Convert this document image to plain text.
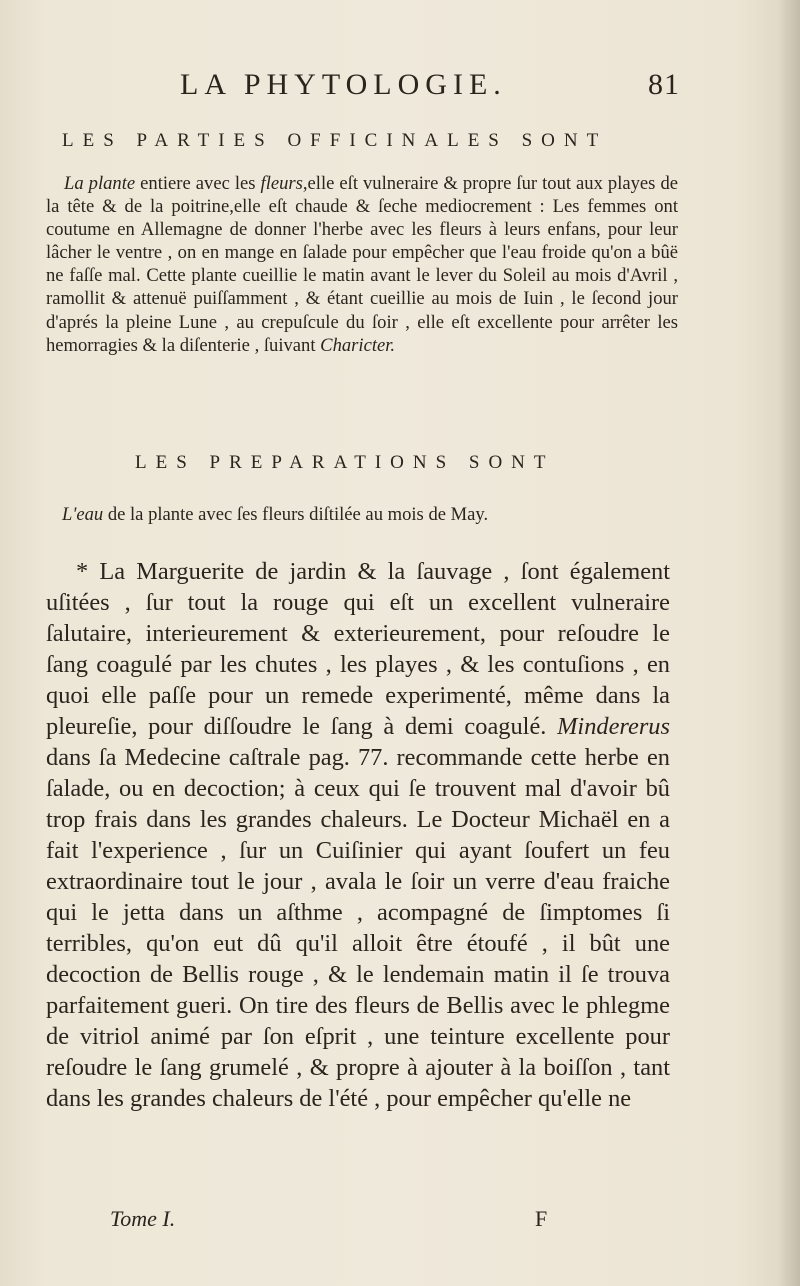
LA PHYTOLOGIE.	81
LES PARTIES OFFICINALES SONT
La plante entiere avec les fleurs,elle eſt vulneraire & propre ſur tout aux playes de la tête & de la poitrine,elle eſt chaude & ſeche mediocrement : Les femmes ont coutume en Allemagne de donner l'herbe avec les fleurs à leurs enfans, pour leur lâcher le ventre , on en mange en ſalade pour empêcher que l'eau froide qu'on a bûë ne faſſe mal. Cette plante cueillie le matin avant le lever du Soleil au mois d'Avril , ramollit & attenuë puiſſamment , & étant cueillie au mois de Iuin , le ſecond jour d'aprés la pleine Lune , au crepuſcule du ſoir , elle eſt excellente pour arrêter les hemorragies & la diſenterie , ſuivant Charicter.
LES PREPARATIONS SONT
L'eau de la plante avec ſes fleurs diſtilée au mois de May.

* La Marguerite de jardin & la ſauvage , ſont également uſitées , ſur tout la rouge qui eſt un excellent vulneraire ſalutaire, interieurement & exterieurement, pour reſoudre le ſang coagulé par les chutes , les playes , & les contuſions , en quoi elle paſſe pour un remede experimenté, même dans la pleureſie, pour diſſoudre le ſang à demi coagulé. Mindererus dans ſa Medecine caſtrale pag. 77. recommande cette herbe en ſalade, ou en decoction; à ceux qui ſe trouvent mal d'avoir bû trop frais dans les grandes chaleurs. Le Docteur Michaël en a fait l'experience , ſur un Cuiſinier qui ayant ſoufert un feu extraordinaire tout le jour , avala le ſoir un verre d'eau fraiche qui le jetta dans un aſthme , acompagné de ſimptomes ſi terribles, qu'on eut dû qu'il alloit être étoufé , il bût une decoction de Bellis rouge , & le lendemain matin il ſe trouva parfaitement gueri. On tire des fleurs de Bellis avec le phlegme de vitriol animé par ſon eſprit , une teinture excellente pour reſoudre le ſang grumelé , & propre à ajouter à la boiſſon , tant dans les grandes chaleurs de l'été , pour empêcher qu'elle ne

Tome I.	F
